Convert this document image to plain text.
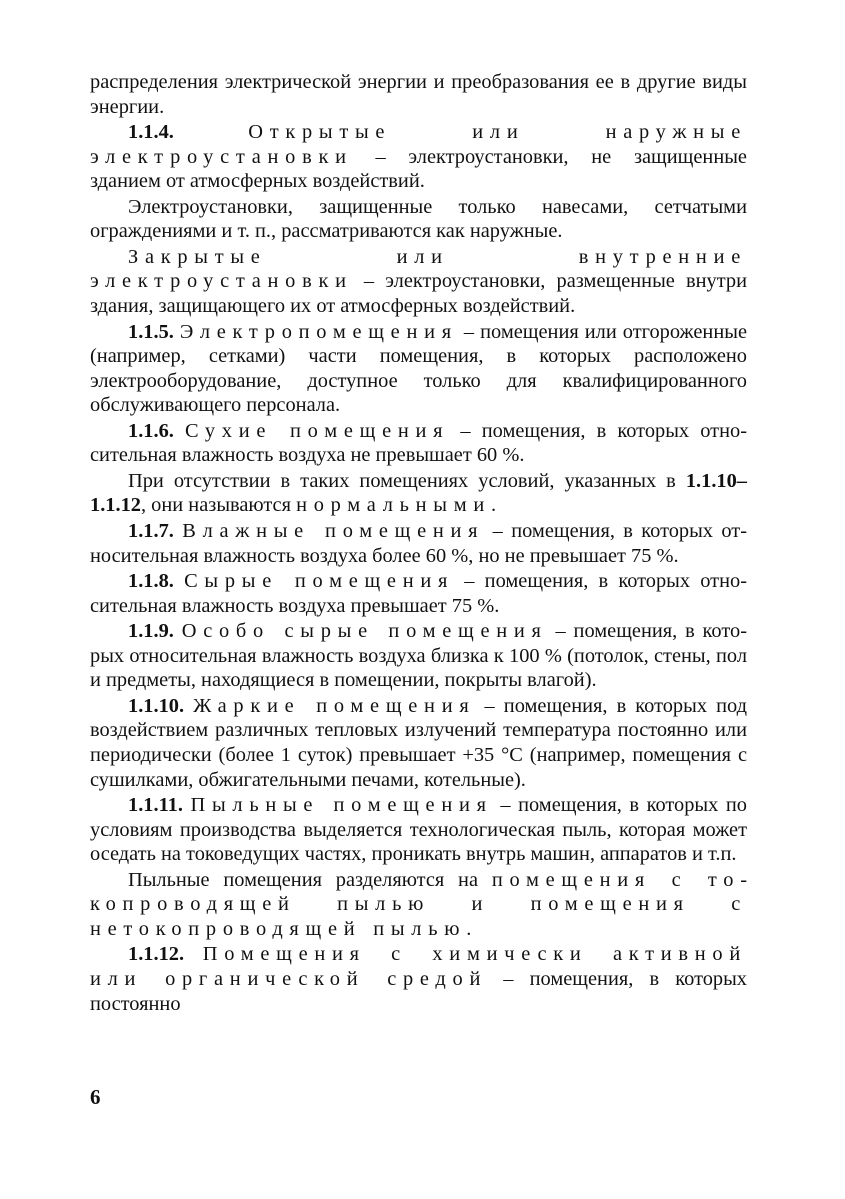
распределения электрической энергии и преобразования ее в другие виды энергии.

1.1.4.	Открытые или наружные электроустановки – электроустановки, не защищенные зданием от атмосферных воздействий.

Электроустановки, защищенные только навесами, сетчатыми ограждениями и т. п., рассматриваются как наружные.

Закрытые или внутренние электроустановки – электроустановки, размещенные внутри здания, защищающего их от атмосферных воздействий.

1.1.5. Электропомещения – помещения или отгороженные (например, сетками) части помещения, в которых расположено электрооборудование, доступное только для квалифицированного обслуживающего персонала.

1.1.6. Сухие помещения – помещения, в которых относительная влажность воздуха не превышает 60 %.

При отсутствии в таких помещениях условий, указанных в 1.1.10–1.1.12, они называются нормальными.

1.1.7. Влажные помещения – помещения, в которых относительная влажность воздуха более 60 %, но не превышает 75 %.

1.1.8. Сырые помещения – помещения, в которых относительная влажность воздуха превышает 75 %.

1.1.9. Особо сырые помещения – помещения, в которых относительная влажность воздуха близка к 100 % (потолок, стены, пол и предметы, находящиеся в помещении, покрыты влагой).

1.1.10. Жаркие помещения – помещения, в которых под воздействием различных тепловых излучений температура постоянно или периодически (более 1 суток) превышает +35 °С (например, помещения с сушилками, обжигательными печами, котельные).

1.1.11. Пыльные помещения – помещения, в которых по условиям производства выделяется технологическая пыль, которая может оседать на токоведущих частях, проникать внутрь машин, аппаратов и т.п.

Пыльные помещения разделяются на помещения с токопроводящей пылью и помещения с нетокопроводящей пылью.

1.1.12. Помещения с химически активной или органической средой – помещения, в которых постоянно

6
